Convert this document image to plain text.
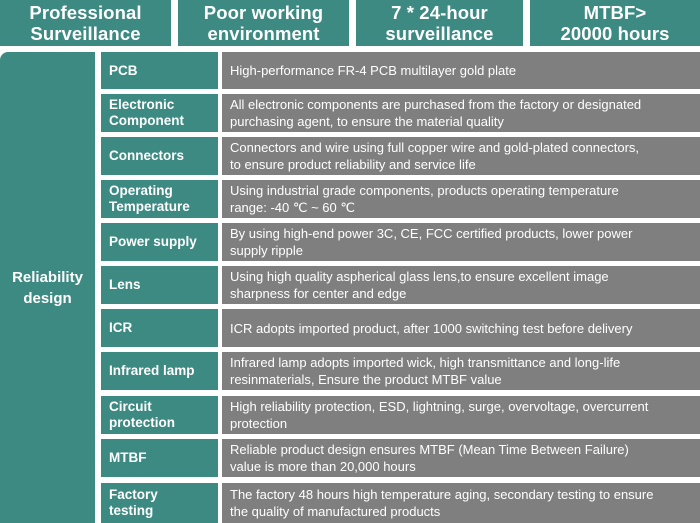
Professional
Surveillance
Poor working
environment
7 * 24-hour
surveillance
MTBF>
20000 hours
Reliability
design
PCB	High-performance FR-4 PCB multilayer gold plate
Electronic
Component
All electronic components are purchased from the factory or designated
purchasing agent, to ensure the material quality
Connectors
Connectors and wire using full copper wire and gold-plated connectors,
to ensure product reliability and service life
Operating
Temperature
Using industrial grade components, products operating temperature
range: -40 ℃ ~ 60 ℃
Power supply
By using high-end power 3C, CE, FCC certified products, lower power
supply ripple
Lens
Using high quality aspherical glass lens,to ensure excellent image
sharpness for center and edge
ICR	ICR adopts imported product, after 1000 switching test before delivery
Infrared lamp
Infrared lamp adopts imported wick, high transmittance and long-life
resinmaterials, Ensure the product MTBF value
Circuit
protection
High reliability protection, ESD, lightning, surge, overvoltage, overcurrent
protection
MTBF
Reliable product design ensures MTBF (Mean Time Between Failure)
value is more than 20,000 hours
Factory
testing
The factory 48 hours high temperature aging, secondary testing to ensure
the quality of manufactured products
